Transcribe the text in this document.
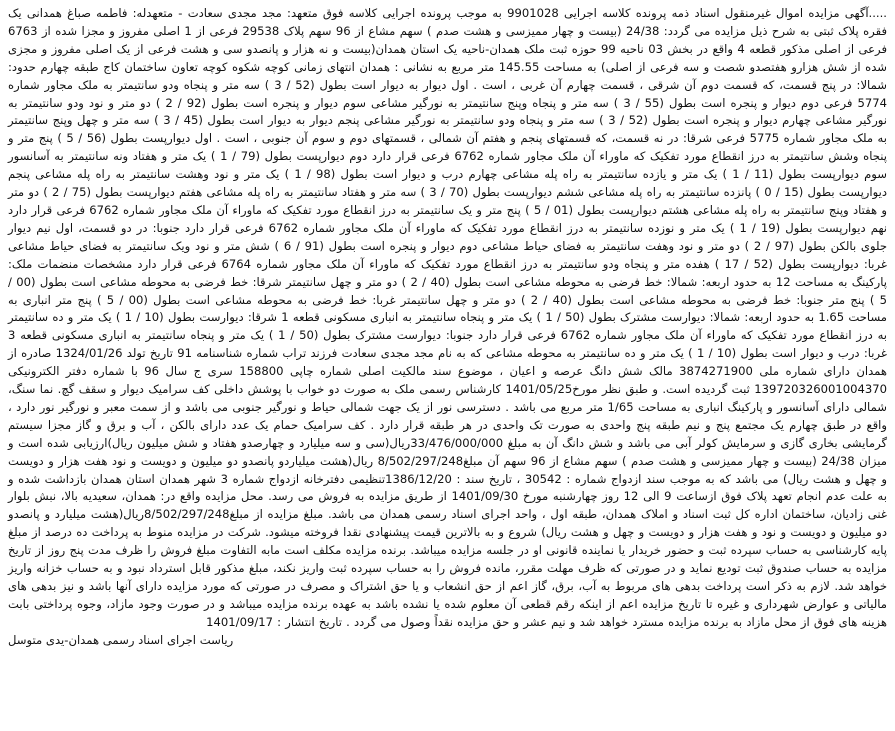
.....آگهی مزایده اموال غیرمنقول اسناد ذمه پرونده کلاسه اجرایی 9901028 به موجب پرونده اجرایی کلاسه فوق متعهد: مجد مجدی سعادت - متعهدله: فاطمه صباغ همدانی یک فقره پلاک ثبتی به شرح ذیل مزایده می گردد: 24/38 (بیست و چهار ممیزسی و هشت صدم ) سهم مشاع از 96 سهم پلاک 29538 فرعی از 1 اصلی مفروز و مجزا شده از 6763 فرعی از اصلی مذکور قطعه 4 واقع در بخش 03 ناحیه 99 حوزه ثبت ملک همدان-ناحیه یک استان همدان(بیست و نه هزار و پانصدو سی و هشت فرعی از یک اصلی مفروز و مجزی شده از شش هزارو هفتصدو شصت و سه فرعی از اصلی) به مساحت 145.55 متر مربع به نشانی : همدان انتهای زمانی کوچه شکوه کوچه تعاون ساختمان کاج طبقه چهارم حدود: شمالا: در پنج قسمت، که قسمت دوم آن شرقی ، قسمت چهارم آن غربی ، است . اول دیوار به دیوار است بطول (52 / 3 ) سه متر و پنجاه ودو سانتیمتر به ملک مجاور شماره 5774 فرعی دوم دیوار و پنجره است بطول (55 / 3 ) سه متر و پنجاه وپنج سانتیمتر به نورگیر مشاعی سوم دیوار و پنجره است بطول (92 / 2 ) دو متر و نود ودو سانتیمتر به نورگیر مشاعی چهارم دیوار و پنجره است بطول (52 / 3 ) سه متر و پنجاه ودو سانتیمتر به نورگیر مشاعی پنجم دیوار به دیوار است بطول (45 / 3 ) سه متر و چهل وپنج سانتیمتر به ملک مجاور شماره 5775 فرعی شرقا: در نه قسمت، که قسمتهای پنجم و هفتم آن شمالی ، قسمتهای دوم و سوم آن جنوبی ، است . اول دیوارپست بطول (56 / 5 ) پنج متر و پنجاه وشش سانتیمتر به درز انقطاع مورد تفکیک که ماوراء آن ملک مجاور شماره 6762 فرعی قرار دارد دوم دیوارپست بطول (79 / 1 ) یک متر و هفتاد ونه سانتیمتر به آسانسور سوم دیوارپست بطول (11 / 1 ) یک متر و یازده سانتیمتر به راه پله مشاعی چهارم درب و دیوار است بطول (98 / 1 ) یک متر و نود وهشت سانتیمتر به راه پله مشاعی پنجم دیوارپست بطول (15 / 0 ) پانزده سانتیمتر به راه پله مشاعی ششم دیوارپست بطول (70 / 3 ) سه متر و هفتاد سانتیمتر به راه پله مشاعی هفتم دیوارپست بطول (75 / 2 ) دو متر و هفتاد وپنج سانتیمتر به راه پله مشاعی هشتم دیوارپست بطول (01 / 5 ) پنج متر و یک سانتیمتر به درز انقطاع مورد تفکیک که ماوراء آن ملک مجاور شماره 6762 فرعی قرار دارد نهم دیوارپست بطول (19 / 1 ) یک متر و نوزده سانتیمتر به درز انقطاع مورد تفکیک که ماوراء آن ملک مجاور شماره 6762 فرعی قرار دارد جنوبا: در دو قسمت، اول نیم دیوار جلوی بالکن بطول (97 / 2 ) دو متر و نود وهفت سانتیمتر به فضای حیاط مشاعی دوم دیوار و پنجره است بطول (91 / 6 ) شش متر و نود ویک سانتیمتر به فضای حیاط مشاعی غربا: دیوارپست بطول (52 / 17 ) هفده متر و پنجاه ودو سانتیمتر به درز انقطاع مورد تفکیک که ماوراء آن ملک مجاور شماره 6764 فرعی قرار دارد مشخصات منضمات ملک: پارکینگ به مساحت 12 به حدود اربعه: شمالا: خط فرضی به محوطه مشاعی است بطول (40 / 2 ) دو متر و چهل سانتیمتر شرقا: خط فرضی به محوطه مشاعی است بطول (00 / 5 ) پنج متر جنوبا: خط فرضی به محوطه مشاعی است بطول (40 / 2 ) دو متر و چهل سانتیمتر غربا: خط فرضی به محوطه مشاعی است بطول (00 / 5 ) پنج متر انباری به مساحت 1.65 به حدود اربعه: شمالا: دیوارست مشترک بطول (50 / 1 ) یک متر و پنجاه سانتیمتر به انباری مسکونی قطعه 1 شرقا: دیوارست بطول (10 / 1 ) یک متر و ده سانتیمتر به درز انقطاع مورد تفکیک که ماوراء آن ملک مجاور شماره 6762 فرعی قرار دارد جنوبا: دیوارست مشترک بطول (50 / 1 ) یک متر و پنجاه سانتیمتر به انباری مسکونی قطعه 3 غربا: درب و دیوار است بطول (10 / 1 ) یک متر و ده سانتیمتر به محوطه مشاعی که به نام مجد مجدی سعادت فرزند تراب شماره شناسنامه 91 تاریخ تولد 1324/01/26 صادره از همدان دارای شماره ملی 3874271900 مالک شش دانگ عرصه و اعیان ، موضوع سند مالکیت اصلی شماره چاپی 158800 سری ج سال 96 با شماره دفتر الکترونیکی 139720326001004370 ثبت گردیده است. و طبق نظر مورخ1401/05/25 کارشناس رسمی ملک به صورت دو خواب با پوشش داخلی کف سرامیک دیوار و سقف گچ. نما سنگ، شمالی دارای آسانسور و پارکینگ انباری به مساحت 1/65 متر مربع می باشد . دسترسی نور از یک جهت شمالی حیاط و نورگیر جنوبی می باشد و از سمت معبر و نورگیر نور دارد ، واقع در طبق چهارم یک مجتمع پنج و نیم طبقه پنج واحدی به صورت تک واحدی در هر طبقه قرار دارد . کف سرامیک حمام یک عدد دارای بالکن ، آب و برق و گاز مجزا سیستم گرمایشی بخاری گازی و سرمایش کولر آبی می باشد و شش دانگ آن به مبلغ 33/476/000/000ریال(سی و سه میلیارد و چهارصدو هفتاد و شش میلیون ریال)ارزیابی شده است و میزان 24/38 (بیست و چهار ممیزسی و هشت صدم ) سهم مشاع از 96 سهم آن مبلغ8/502/297/248 ریال(هشت میلیاردو پانصدو دو میلیون و دویست و نود هفت هزار و دویست و چهل و هشت ریال) می باشد که به موجب سند ازدواج شماره : 30542 ، تاریخ سند : 1386/12/20تنظیمی دفترخانه ازدواج شماره 3 شهر همدان استان همدان بازداشت شده و به علت عدم انجام تعهد پلاک فوق ازساعت 9 الی 12 روز چهارشنبه مورخ 1401/09/30 از طریق مزایده به فروش می رسد. محل مزایده واقع در: همدان، سعیدیه بالا، نبش بلوار غنی زادیان، ساختمان اداره کل ثبت اسناد و املاک همدان، طبقه اول ، واحد اجرای اسناد رسمی همدان می باشد. مبلغ مزایده از مبلغ8/502/297/248ریال(هشت میلیارد و پانصدو دو میلیون و دویست و نود و هفت هزار و دویست و چهل و هشت ریال) شروع و به بالاترین قیمت پیشنهادی نقدا فروخته میشود. شرکت در مزایده منوط به پرداخت ده درصد از مبلغ پایه کارشناسی به حساب سپرده ثبت و حضور خریدار یا نماینده قانونی او در جلسه مزایده میباشد. برنده مزایده مکلف است مابه التفاوت مبلغ فروش را ظرف مدت پنج روز از تاریخ مزایده به حساب صندوق ثبت تودیع نماید و در صورتی که ظرف مهلت مقرر، مانده فروش را به حساب سپرده ثبت واریز نکند، مبلغ مذکور قابل استرداد نبود و به حساب خزانه واریز خواهد شد. لازم به ذکر است پرداخت بدهی های مربوط به آب، برق، گاز اعم از حق انشعاب و یا حق اشتراک و مصرف در صورتی که مورد مزایده دارای آنها باشد و نیز بدهی های مالیاتی و عوارض شهرداری و غیره تا تاریخ مزایده اعم از اینکه رقم قطعی آن معلوم شده یا نشده باشد به عهده برنده مزایده میباشد و در صورت وجود مازاد، وجوه پرداختی بابت هزینه های فوق از محل مازاد به برنده مزایده مسترد خواهد شد و نیم عشر و حق مزایده نقداً وصول می گردد . تاریخ انتشار : 1401/09/17

ریاست اجرای اسناد رسمی همدان-یدی متوسل
